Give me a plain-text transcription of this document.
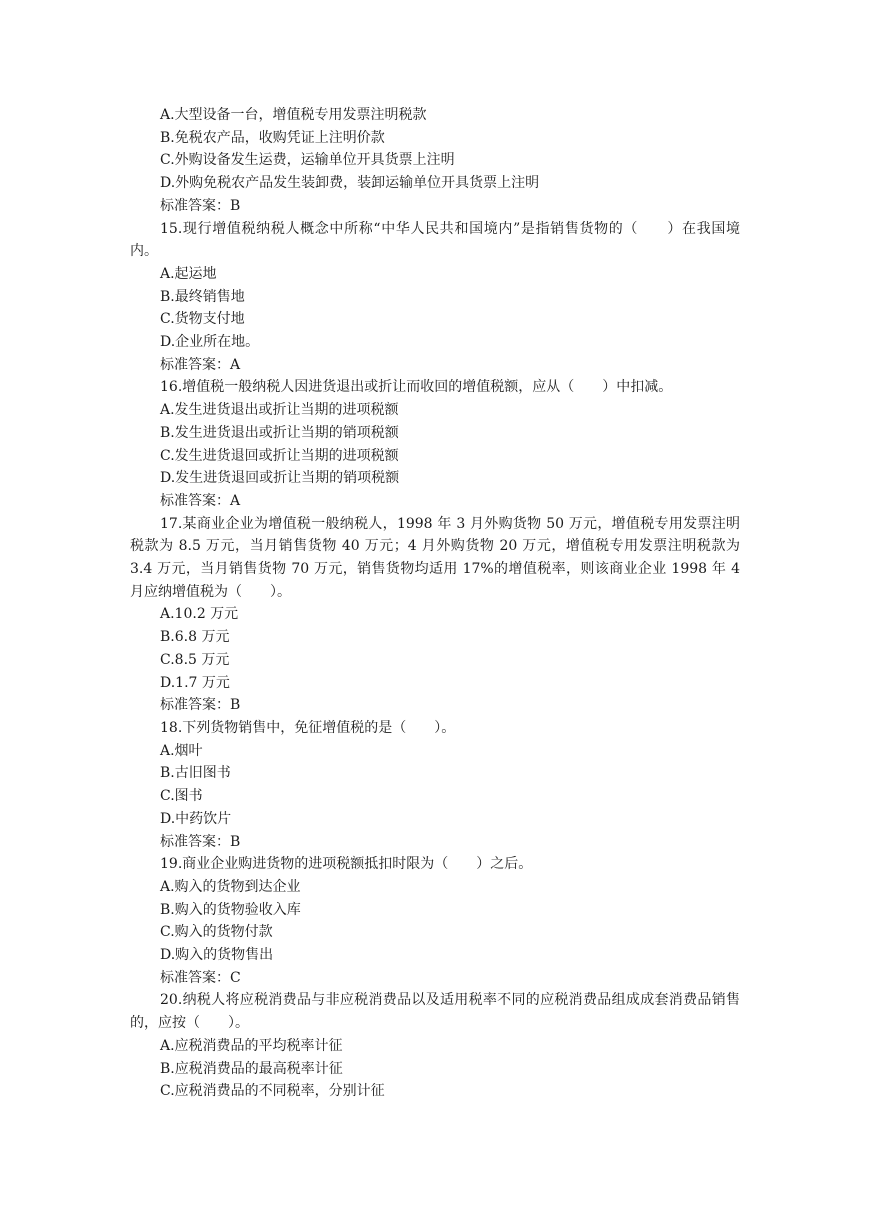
A.大型设备一台，增值税专用发票注明税款

B.免税农产品，收购凭证上注明价款

C.外购设备发生运费，运输单位开具货票上注明

D.外购免税农产品发生装卸费，装卸运输单位开具货票上注明

标准答案：B

15.现行增值税纳税人概念中所称“中华人民共和国境内”是指销售货物的（　　）在我国境内。

A.起运地

B.最终销售地

C.货物支付地

D.企业所在地。

标准答案：A

16.增值税一般纳税人因进货退出或折让而收回的增值税额，应从（　　）中扣减。

A.发生进货退出或折让当期的进项税额

B.发生进货退出或折让当期的销项税额

C.发生进货退回或折让当期的进项税额

D.发生进货退回或折让当期的销项税额

标准答案：A

17.某商业企业为增值税一般纳税人，1998 年 3 月外购货物 50 万元，增值税专用发票注明税款为 8.5 万元，当月销售货物 40 万元；4 月外购货物 20 万元，增值税专用发票注明税款为 3.4 万元，当月销售货物 70 万元，销售货物均适用 17%的增值税率，则该商业企业 1998 年 4 月应纳增值税为（　　）。

A.10.2 万元

B.6.8 万元

C.8.5 万元

D.1.7 万元

标准答案：B

18.下列货物销售中，免征增值税的是（　　）。

A.烟叶

B.古旧图书

C.图书

D.中药饮片

标准答案：B

19.商业企业购进货物的进项税额抵扣时限为（　　）之后。

A.购入的货物到达企业

B.购入的货物验收入库

C.购入的货物付款

D.购入的货物售出

标准答案：C

20.纳税人将应税消费品与非应税消费品以及适用税率不同的应税消费品组成成套消费品销售的，应按（　　）。

A.应税消费品的平均税率计征

B.应税消费品的最高税率计征

C.应税消费品的不同税率，分别计征
